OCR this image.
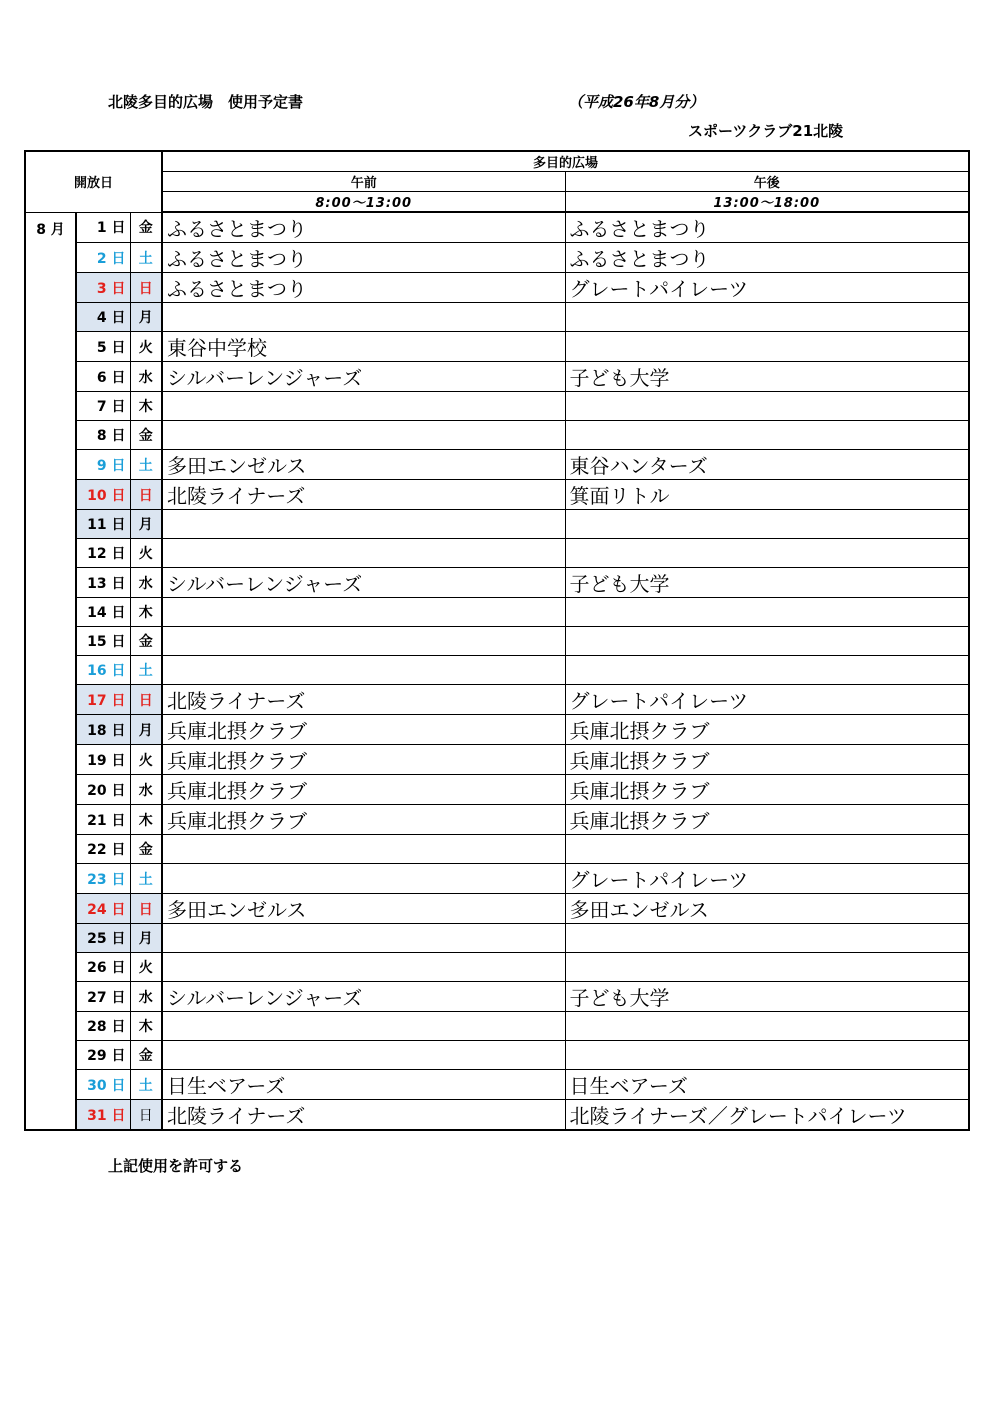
北陵多目的広場　使用予定書	（平成26年8月分）
スポーツクラブ21北陵
開放日			多目的広場	
			午前	午後
			8:00〜13:00	13:00〜18:00
8 月	1 日	金	ふるさとまつり	ふるさとまつり
	2 日	土	ふるさとまつり	ふるさとまつり
	3 日	日	ふるさとまつり	グレートパイレーツ
	4 日	月		
	5 日	火	東谷中学校	
	6 日	水	シルバーレンジャーズ	子ども大学
	7 日	木		
	8 日	金		
	9 日	土	多田エンゼルス	東谷ハンターズ
	10 日	日	北陵ライナーズ	箕面リトル
	11 日	月		
	12 日	火		
	13 日	水	シルバーレンジャーズ	子ども大学
	14 日	木		
	15 日	金		
	16 日	土		
	17 日	日	北陵ライナーズ	グレートパイレーツ
	18 日	月	兵庫北摂クラブ	兵庫北摂クラブ
	19 日	火	兵庫北摂クラブ	兵庫北摂クラブ
	20 日	水	兵庫北摂クラブ	兵庫北摂クラブ
	21 日	木	兵庫北摂クラブ	兵庫北摂クラブ
	22 日	金		
	23 日	土		グレートパイレーツ
	24 日	日	多田エンゼルス	多田エンゼルス
	25 日	月		
	26 日	火		
	27 日	水	シルバーレンジャーズ	子ども大学
	28 日	木		
	29 日	金		
	30 日	土	日生ベアーズ	日生ベアーズ
	31 日	日	北陵ライナーズ	北陵ライナーズ／グレートパイレーツ
上記使用を許可する
